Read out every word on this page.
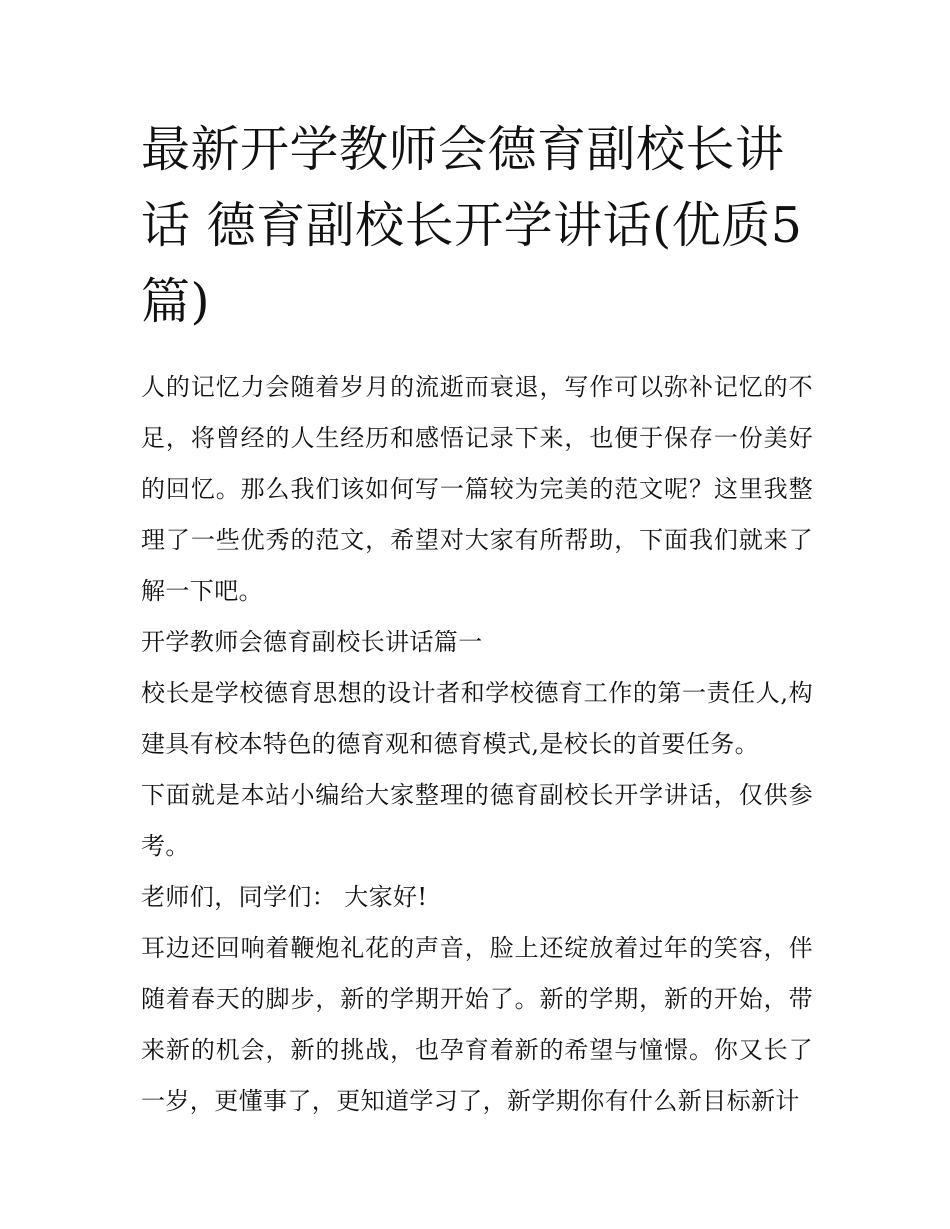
最新开学教师会德育副校长讲话 德育副校长开学讲话(优质5篇)

人的记忆力会随着岁月的流逝而衰退，写作可以弥补记忆的不足，将曾经的人生经历和感悟记录下来，也便于保存一份美好的回忆。那么我们该如何写一篇较为完美的范文呢？这里我整理了一些优秀的范文，希望对大家有所帮助，下面我们就来了解一下吧。

开学教师会德育副校长讲话篇一

校长是学校德育思想的设计者和学校德育工作的第一责任人,构建具有校本特色的德育观和德育模式,是校长的首要任务。

下面就是本站小编给大家整理的德育副校长开学讲话，仅供参考。

老师们，同学们： 大家好!

耳边还回响着鞭炮礼花的声音，脸上还绽放着过年的笑容，伴随着春天的脚步，新的学期开始了。新的学期，新的开始，带来新的机会，新的挑战，也孕育着新的希望与憧憬。你又长了一岁，更懂事了，更知道学习了，新学期你有什么新目标新计
